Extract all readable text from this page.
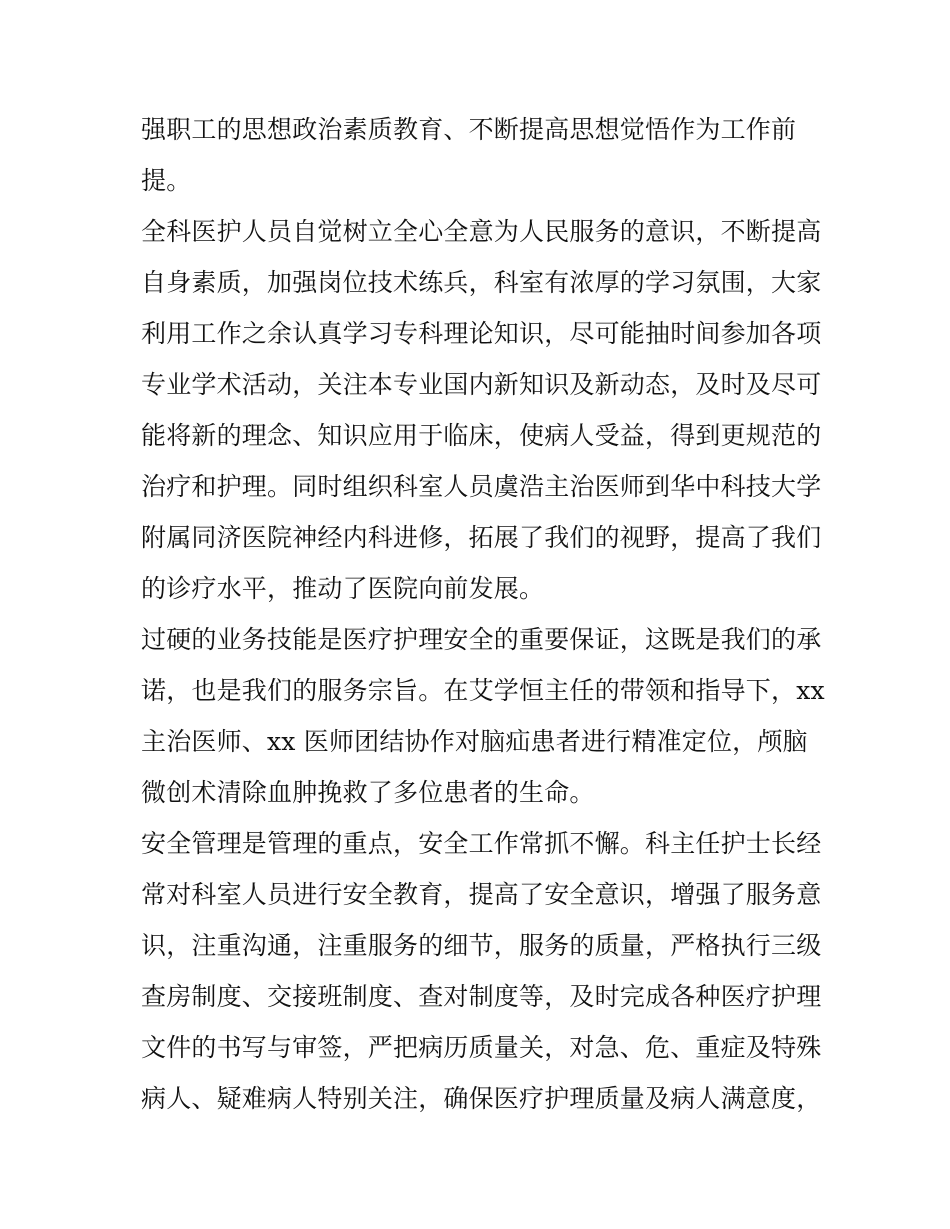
强职工的思想政治素质教育、不断提高思想觉悟作为工作前
提。
全科医护人员自觉树立全心全意为人民服务的意识，不断提高
自身素质，加强岗位技术练兵，科室有浓厚的学习氛围，大家
利用工作之余认真学习专科理论知识，尽可能抽时间参加各项
专业学术活动，关注本专业国内新知识及新动态，及时及尽可
能将新的理念、知识应用于临床，使病人受益，得到更规范的
治疗和护理。同时组织科室人员虞浩主治医师到华中科技大学
附属同济医院神经内科进修，拓展了我们的视野，提高了我们
的诊疗水平，推动了医院向前发展。
过硬的业务技能是医疗护理安全的重要保证，这既是我们的承
诺，也是我们的服务宗旨。在艾学恒主任的带领和指导下，xx
主治医师、xx 医师团结协作对脑疝患者进行精准定位，颅脑
微创术清除血肿挽救了多位患者的生命。
安全管理是管理的重点，安全工作常抓不懈。科主任护士长经
常对科室人员进行安全教育，提高了安全意识，增强了服务意
识，注重沟通，注重服务的细节，服务的质量，严格执行三级
查房制度、交接班制度、查对制度等，及时完成各种医疗护理
文件的书写与审签，严把病历质量关，对急、危、重症及特殊
病人、疑难病人特别关注，确保医疗护理质量及病人满意度，
